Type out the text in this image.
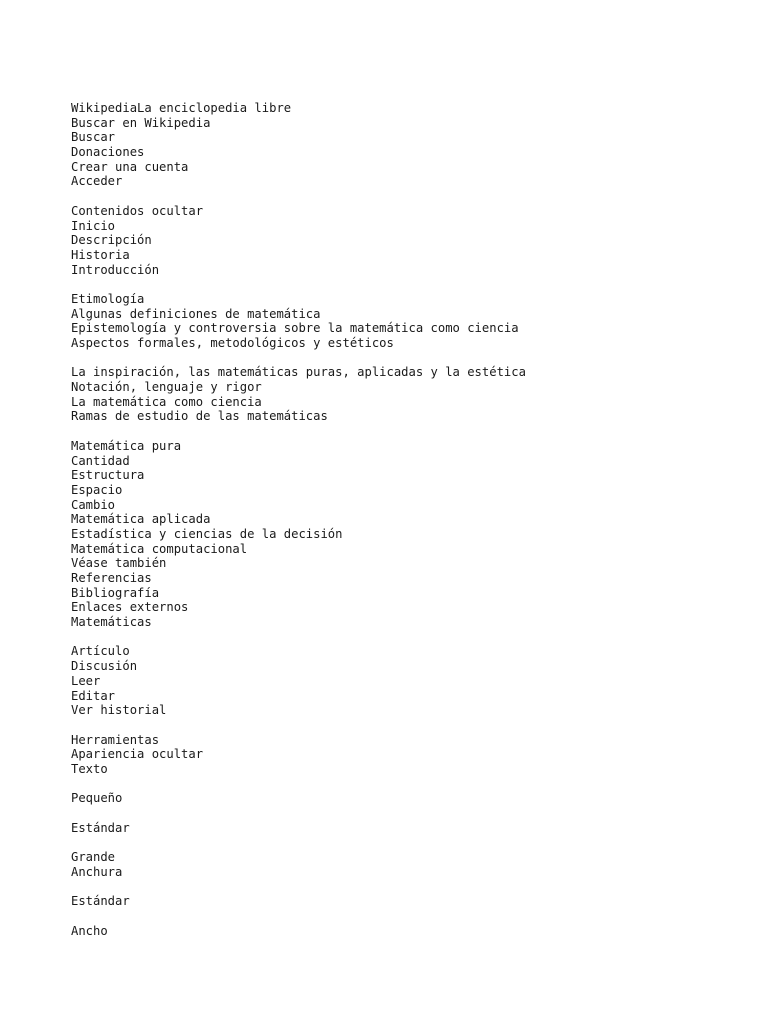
WikipediaLa enciclopedia libre
Buscar en Wikipedia
Buscar
Donaciones
Crear una cuenta
Acceder
Contenidos ocultar
Inicio
Descripción
Historia
Introducción
Etimología
Algunas definiciones de matemática
Epistemología y controversia sobre la matemática como ciencia
Aspectos formales, metodológicos y estéticos
La inspiración, las matemáticas puras, aplicadas y la estética
Notación, lenguaje y rigor
La matemática como ciencia
Ramas de estudio de las matemáticas
Matemática pura
Cantidad
Estructura
Espacio
Cambio
Matemática aplicada
Estadística y ciencias de la decisión
Matemática computacional
Véase también
Referencias
Bibliografía
Enlaces externos
Matemáticas
Artículo
Discusión
Leer
Editar
Ver historial
Herramientas
Apariencia ocultar
Texto
Pequeño
Estándar
Grande
Anchura
Estándar
Ancho
